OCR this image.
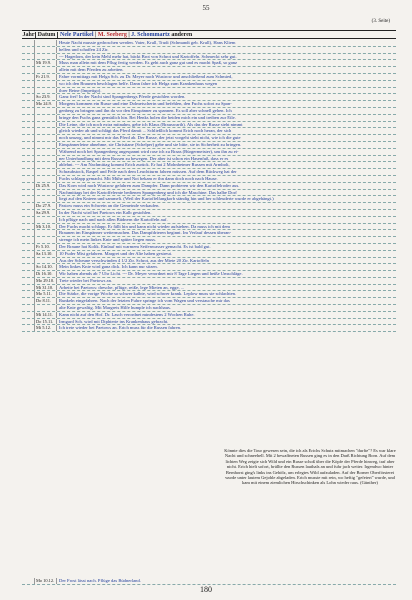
55
(3. Seite)
Jahr Datum Nele Partikel | M. Seeberg | J. Schommartz anderen
Heute Nacht musste gedroschen werden. Vater, Krull, Trudi (Schmandt geb. Krull), Hans Kliem
helfen und schaffen 24 Ztr.
--- Hagedorn, der kein Mehl mehr hat, bäckt Brot von Schrot und Kartoffeln. Schmeckt sehr gut.
Mi 19.9.	Muss man allein mit dem Pflug fertig werden. Es geht auch ganz gut und es macht Spaß, so ganz
allein mit dem Pferden zu arbeiten.
Fr 21.9.	Fahre vormittags mit Helga Sch. zu Dr. Meyer nach Wustrow und anschließend zum Schmied,
wo ich den Braunen beschlagen helfe. Dann fahre ich Helga zum Krankenhaus wegen
ihrer Beine (Impetigo).
So 23.9.	Ganz frei! In der Nacht sind Spangenbergs Pferde gestohlen worden.
Mo 24.9.	Morgens kommen ein Russe und eine Dolmetscherin und befehlen, den Fuchs sofort zu Span-
genberg zu bringen und ihn da vor den Einspänner zu spannen. Es soll aber schnell gehen. Ich
bringe den Fuchs ganz gemütlich hin. Bei Henks holen die beiden mich ein und treiben zur Eile.
Die Leine, die ich noch extra mitnahm, gebe ich Klaus (Brauswarth). Als das der Russe sieht nimmt
gleich wieder ab und schlägt das Pferd damit ... Schließlich kommt Erich noch heran, der sich
noch umzog, und nimmt mir das Pferd ab. Der Russe, der jetzt vorgeht sieht nicht, wie ich die gute
Einspännerleine abnehme, sie Christiane (Schelper) gebe und sie bitte, sie in Sicherheit zu bringen.
Während noch bei Spangenberg angespannt wird rase ich zu Braas (Bürgermeister), um ihn zu ei-
ner Unterhandlung mit dem Russen zu bewegen. Der aber ist schon ein Hasenfuß, dass er es
ablehnt. --- Am Nachmittag kommt Erich zurück. Er hat 2 Mohnheimer Russen mit Armbolt,
Schraubstock, Raspel und Feile nach dem Leuchtturm fahren müssen. Auf dem Rückweg hat der
Fuchs schlapp gemacht. Mit Mühe und Not bekam er ihn dann doch noch nach Hause.
Di 25.9.	Das Korn wird nach Wustrow gefahren zum Dampfer. Dann probieren wir den Kartoffelroder aus.
Nachmittags bei der Kartoffelernte bedienen Spangenberg und ich die Maschine. Das halbe Dorf
liegt auf den Knieen und sammelt. (Weil der Kartoffelfangkorb ständig hin und her schleuderte wurde er abgehängt.)
Do 27.9.	Pastow muss ein Schwein an die Gemeinde verkaufen.
Sa 29.9.	In der Nacht wird bei Paetows ein Kalb gestohlen.
Ich pflüge nach und nach allen Büdnern die Kartoffeln auf.
Mi 3.10.	Der Fuchs macht schlapp. Er fällt hin und kann nicht wieder aufstehen. Da muss ich mit dem
Braunen im Einspänner weitermachen. Das Dampfdrieren beginnt. Im Verlauf dessen überan-
strenge ich mein linkes Knie und spüter liegen muss.
Fr 5.10.	Der Braune hat Kolik. Einlauf mit warmem Seifenwasser gemacht. Es ist bald gut.
Sa 13.10.	10 Fuder Mist gefahren. Margret und der Alte haben gestreut.
Aus der Scheune verschwinden 4 1/2 Ztr. Schrot, aus der Miete 20 Ztr. Kartoffeln
So 14.10.	Mein linkes Knie wird ganz dick. Ich kann nur sitzen.
Di 16.10.	Wir haben abends ab 7 Uhr Licht. --- Dr. Meyer verordnet mir 8 Tage Liegen und heiße Umschläge.
Mo 29.10.	Trete wieder bei Paetows an.
Mi 31.10.	Arbeite bei Paetows: dresche, pflüge, reiße, lege Mieten an, egge, ...
Mo 5.11.	Die Stärke, die vorige Woche so schwer kalbte, wird schwer krank. Leplow muss sie schlachten.
Do 8.11.	Runkeln eingefahren. Nach der letzten Fuhre springe ich vom Wagen und verstauche mir das
alte Knie gewaltig. Mit Margrets Hilfe humple ich nachhaus.
Mi 14.11.	Kann nicht auf den Hof. Dr. Lasch verordnet mindestens 2 Wochen Ruhe.
Do 15.11.	Irmgard Sch. wird mit Diphterie ins Krankenhaus gebracht.
Mi 5.12.	Ich trete wieder bei Paetows an. Erich muss für die Russen fahren.
Könnte dies die Tour gewesen sein, die ich als Erichs Schutz mitmachen "durfte"? Es war klare Nacht und schneehell. Mit 2 bewaffneten Russen ging es in den Darß Richtung Born. Auf dem lichten Weg zeigte sich Wild und ein Russe schoß über die Köpfe der Pferde hinweg, traf aber nicht. Erich hielt sofort, brüllte den Russen lauthals an und fuhr jach weiter. Irgendwo hinter Bernhorst ging's links ins Gehölz, um erlegtes Wild aufzuladen. Auf der Borner Oberförsterei wurde unter lautem Gejohle abgeladen. Erich musste mit rein, wo heftig "gefeiert" wurde, und kam mit einem ziemlichen Hirschschinken als Lohn wieder raus. (Günther)
Mo 10.12.	Der Frost lässt nach. Pflüge das Büdnerland.
180
